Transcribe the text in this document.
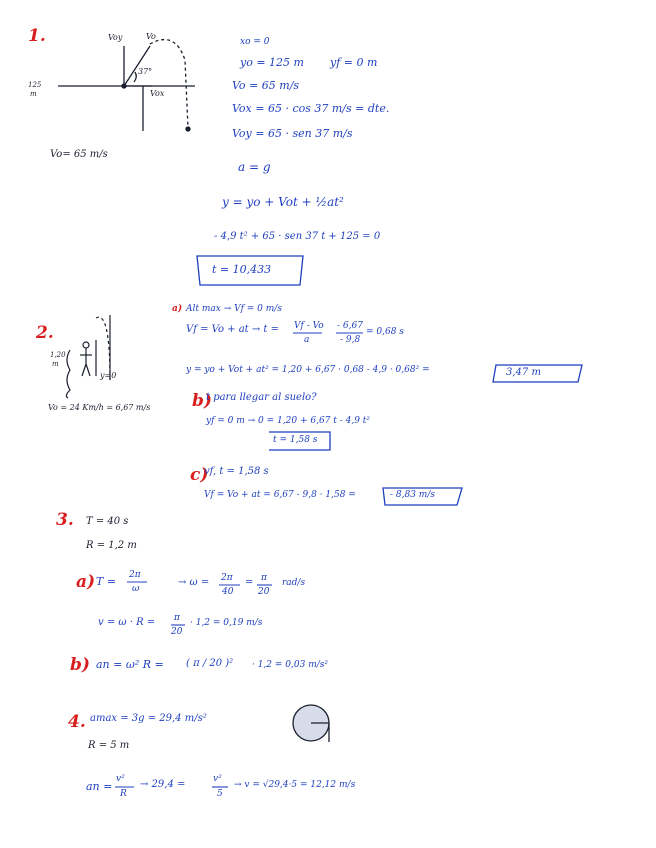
1.
125
m
Voy	Vo
37°
Vox
Vo= 65 m/s
xo = 0
yo = 125 m yf = 0 m
Vo = 65 m/s
Vox = 65 · cos 37 m/s = dte.
Voy = 65 · sen 37 m/s
a = g
y = yo + Vot + ½at²
- 4,9 t² + 65 · sen 37 t + 125 = 0
t = 10,433
2.
1,20
m
y=0
Vo = 24 Km/h = 6,67 m/s
a) Alt max → Vf = 0 m/s
Vf = Vo + at → t = Vf - Vo
a
- 6,67
- 9,8
= 0,68 s
y = yo + Vot + at² = 1,20 + 6,67 · 0,68 - 4,9 · 0,68² =	3,47 m
b)
t para llegar al suelo?
yf = 0 m → 0 = 1,20 + 6,67 t - 4,9 t²
t = 1,58 s
c)
vf, t = 1,58 s
Vf = Vo + at = 6,67 - 9,8 · 1,58 =	- 8,83 m/s
3. T = 40 s
R = 1,2 m
a) T = 2π
ω
→ ω = 2π
40
= π
20
rad/s
v = ω · R = π
20
· 1,2 = 0,19 m/s
b) an = ω² R = ( π / 20 )² · 1,2 = 0,03 m/s²
4. amax = 3g = 29,4 m/s²
R = 5 m
an =
v²
R
→ 29,4 =	v²
5
→ v = √29,4·5 = 12,12 m/s
